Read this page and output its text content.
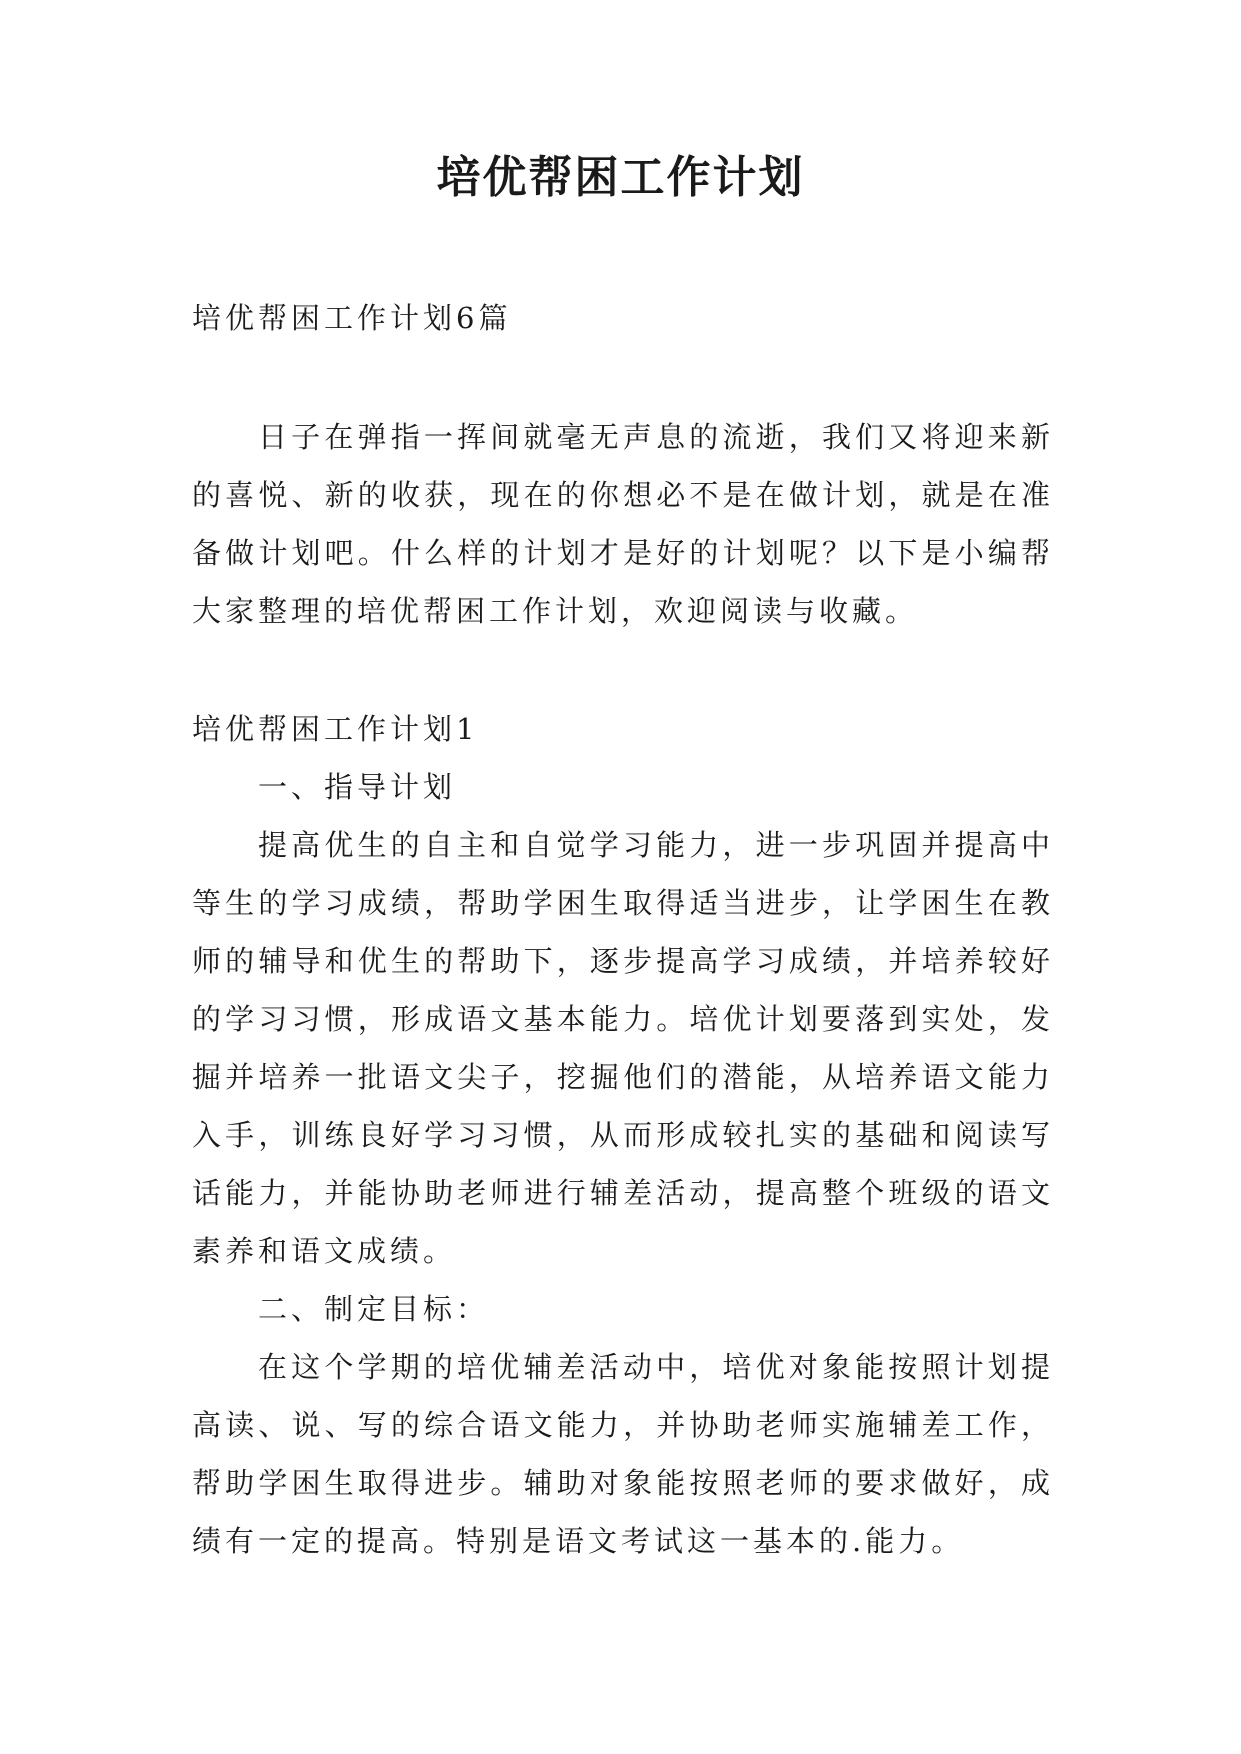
培优帮困工作计划

培优帮困工作计划6篇

日子在弹指一挥间就毫无声息的流逝，我们又将迎来新的喜悦、新的收获，现在的你想必不是在做计划，就是在准备做计划吧。什么样的计划才是好的计划呢？以下是小编帮大家整理的培优帮困工作计划，欢迎阅读与收藏。

培优帮困工作计划1

一、指导计划

提高优生的自主和自觉学习能力，进一步巩固并提高中等生的学习成绩，帮助学困生取得适当进步，让学困生在教师的辅导和优生的帮助下，逐步提高学习成绩，并培养较好的学习习惯，形成语文基本能力。培优计划要落到实处，发掘并培养一批语文尖子，挖掘他们的潜能，从培养语文能力入手，训练良好学习习惯，从而形成较扎实的基础和阅读写话能力，并能协助老师进行辅差活动，提高整个班级的语文素养和语文成绩。

二、制定目标：

在这个学期的培优辅差活动中，培优对象能按照计划提高读、说、写的综合语文能力，并协助老师实施辅差工作，帮助学困生取得进步。辅助对象能按照老师的要求做好，成绩有一定的提高。特别是语文考试这一基本的.能力。
